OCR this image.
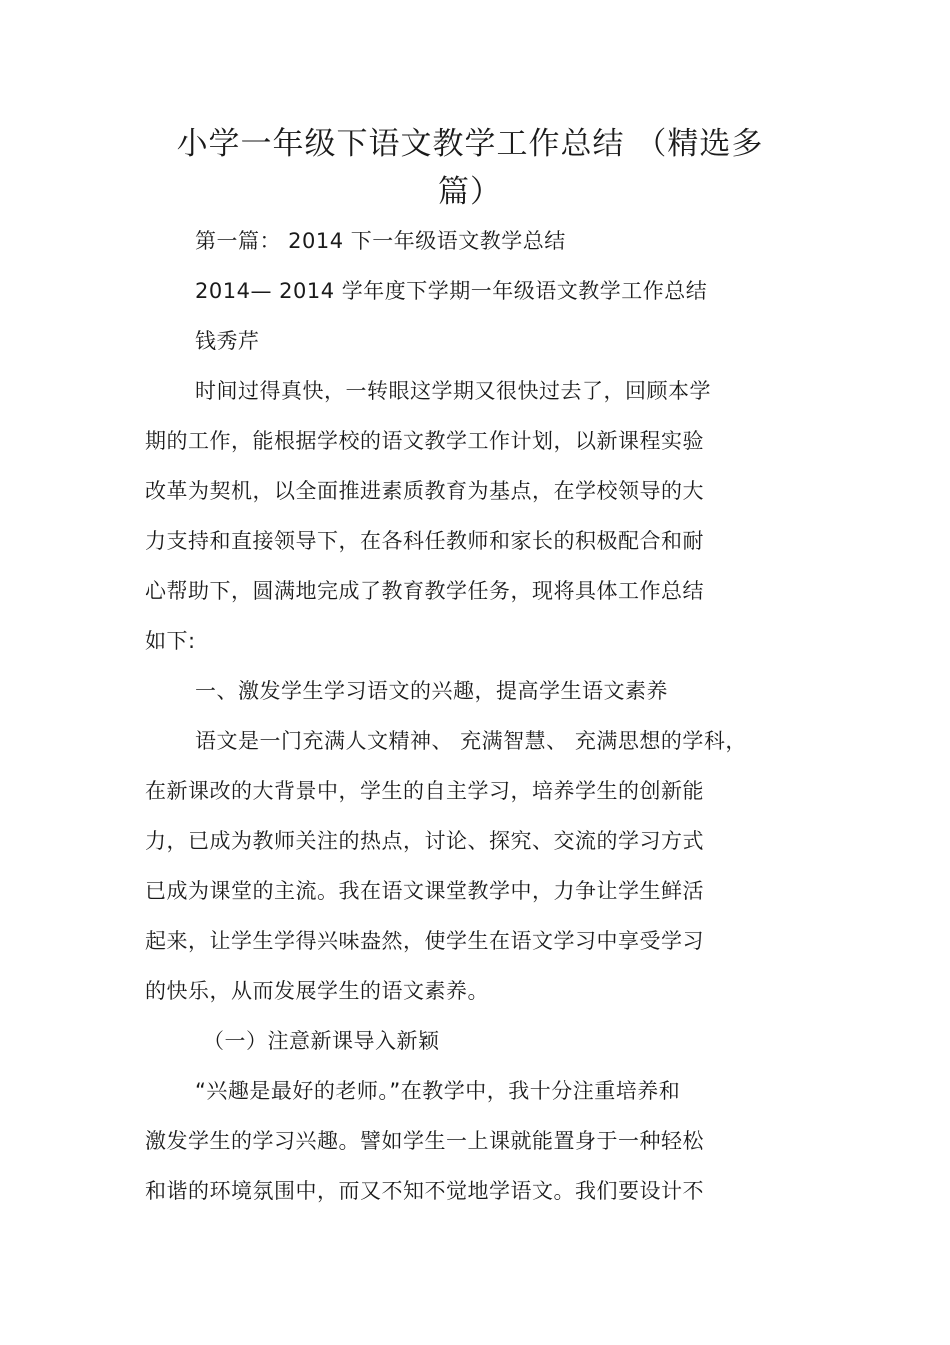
小学一年级下语文教学工作总结 （精选多
篇）

第一篇： 2014 下一年级语文教学总结

2014— 2014 学年度下学期一年级语文教学工作总结

钱秀芹

时间过得真快，一转眼这学期又很快过去了，回顾本学

期的工作，能根据学校的语文教学工作计划，以新课程实验

改革为契机，以全面推进素质教育为基点，在学校领导的大

力支持和直接领导下，在各科任教师和家长的积极配合和耐

心帮助下，圆满地完成了教育教学任务，现将具体工作总结

如下:

一、激发学生学习语文的兴趣，提高学生语文素养

语文是一门充满人文精神、 充满智慧、 充满思想的学科，

在新课改的大背景中，学生的自主学习，培养学生的创新能

力，已成为教师关注的热点，讨论、探究、交流的学习方式

已成为课堂的主流。我在语文课堂教学中，力争让学生鲜活

起来，让学生学得兴味盎然，使学生在语文学习中享受学习

的快乐，从而发展学生的语文素养。

（一）注意新课导入新颖

“兴趣是最好的老师。”在教学中，我十分注重培养和

激发学生的学习兴趣。譬如学生一上课就能置身于一种轻松

和谐的环境氛围中，而又不知不觉地学语文。我们要设计不
